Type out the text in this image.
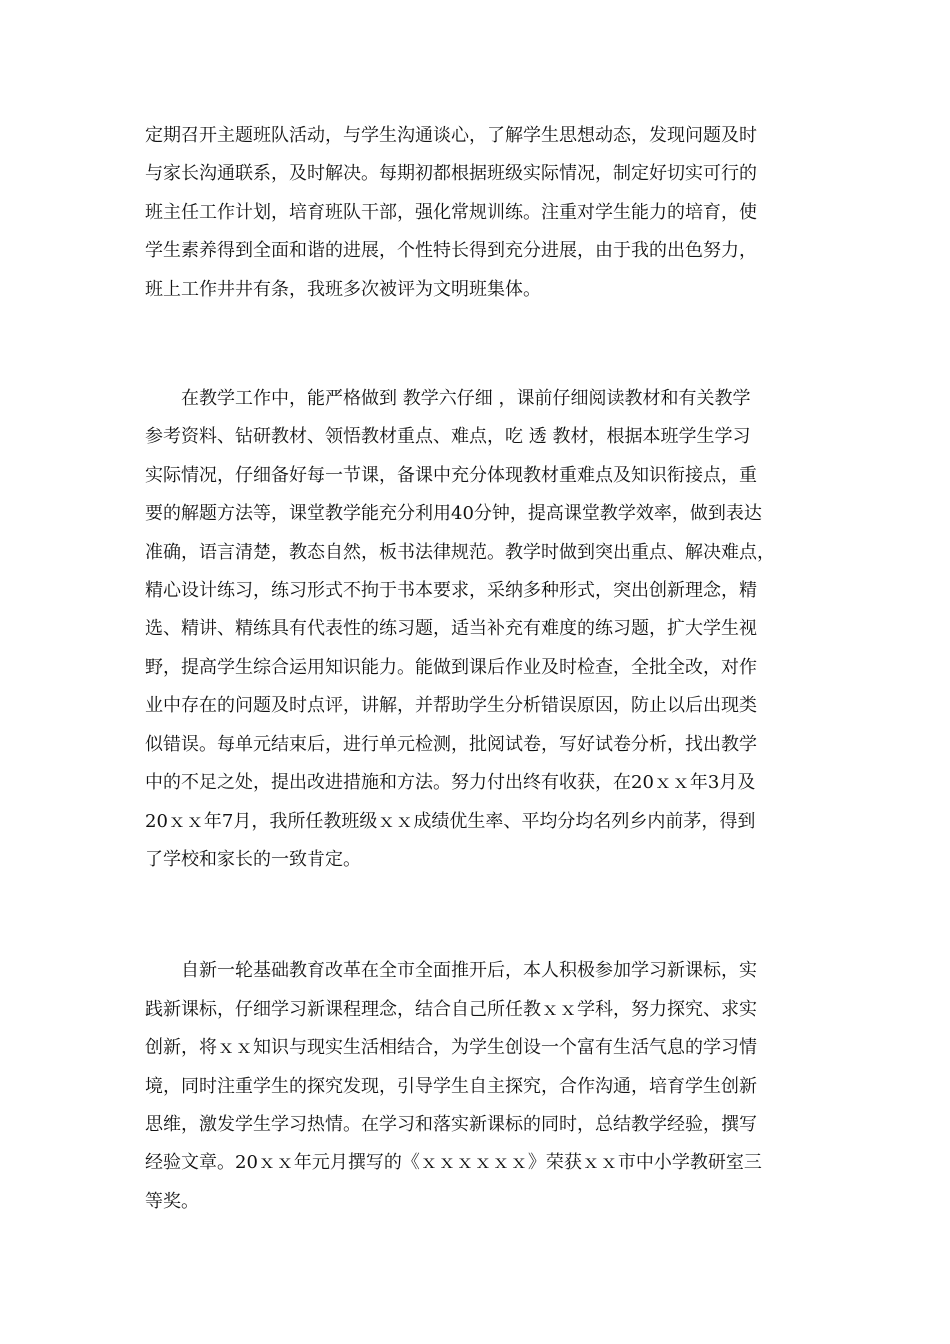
定期召开主题班队活动，与学生沟通谈心，了解学生思想动态，发现问题及时
与家长沟通联系，及时解决。每期初都根据班级实际情况，制定好切实可行的
班主任工作计划，培育班队干部，强化常规训练。注重对学生能力的培育，使
学生素养得到全面和谐的进展，个性特长得到充分进展，由于我的出色努力，
班上工作井井有条，我班多次被评为文明班集体。

在教学工作中，能严格做到 教学六仔细 ，课前仔细阅读教材和有关教学
参考资料、钻研教材、领悟教材重点、难点，吃 透 教材，根据本班学生学习
实际情况，仔细备好每一节课，备课中充分体现教材重难点及知识衔接点，重
要的解题方法等，课堂教学能充分利用40分钟，提高课堂教学效率，做到表达
准确，语言清楚，教态自然，板书法律规范。教学时做到突出重点、解决难点，
精心设计练习，练习形式不拘于书本要求，采纳多种形式，突出创新理念，精
选、精讲、精练具有代表性的练习题，适当补充有难度的练习题，扩大学生视
野，提高学生综合运用知识能力。能做到课后作业及时检查，全批全改，对作
业中存在的问题及时点评，讲解，并帮助学生分析错误原因，防止以后出现类
似错误。每单元结束后，进行单元检测，批阅试卷，写好试卷分析，找出教学
中的不足之处，提出改进措施和方法。努力付出终有收获，在20ｘｘ年3月及
20ｘｘ年7月，我所任教班级ｘｘ成绩优生率、平均分均名列乡内前茅，得到
了学校和家长的一致肯定。

自新一轮基础教育改革在全市全面推开后，本人积极参加学习新课标，实
践新课标，仔细学习新课程理念，结合自己所任教ｘｘ学科，努力探究、求实
创新，将ｘｘ知识与现实生活相结合，为学生创设一个富有生活气息的学习情
境，同时注重学生的探究发现，引导学生自主探究，合作沟通，培育学生创新
思维，激发学生学习热情。在学习和落实新课标的同时，总结教学经验，撰写
经验文章。20ｘｘ年元月撰写的《ｘｘｘｘｘｘ》荣获ｘｘ市中小学教研室三
等奖。
